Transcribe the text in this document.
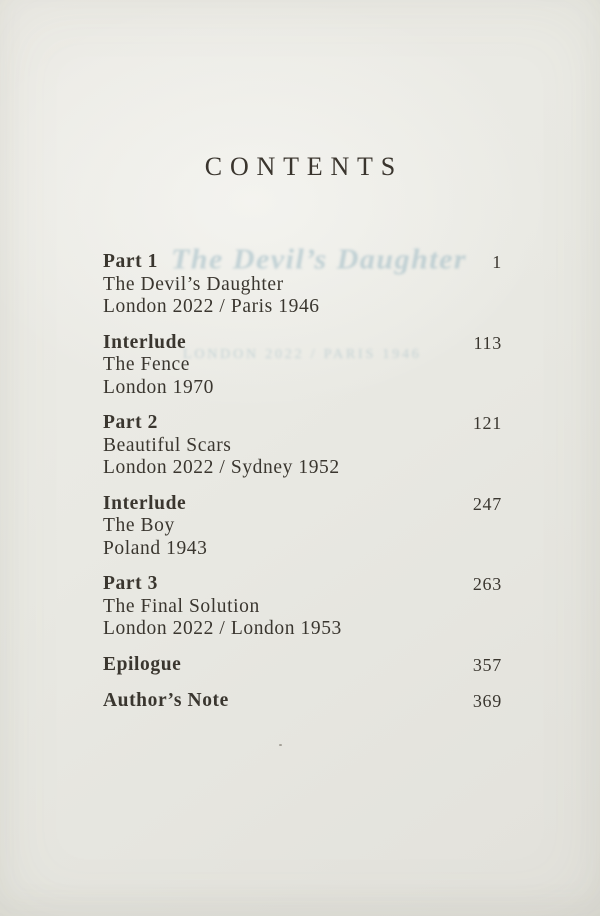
CONTENTS
The Devil’s Daughter
LONDON 2022 / PARIS 1946
Part 1
The Devil’s Daughter
London 2022 / Paris 1946
1
Interlude
The Fence
London 1970
113
Part 2
Beautiful Scars
London 2022 / Sydney 1952
121
Interlude
The Boy
Poland 1943
247
Part 3
The Final Solution
London 2022 / London 1953
263
Epilogue	357
Author’s Note	369
